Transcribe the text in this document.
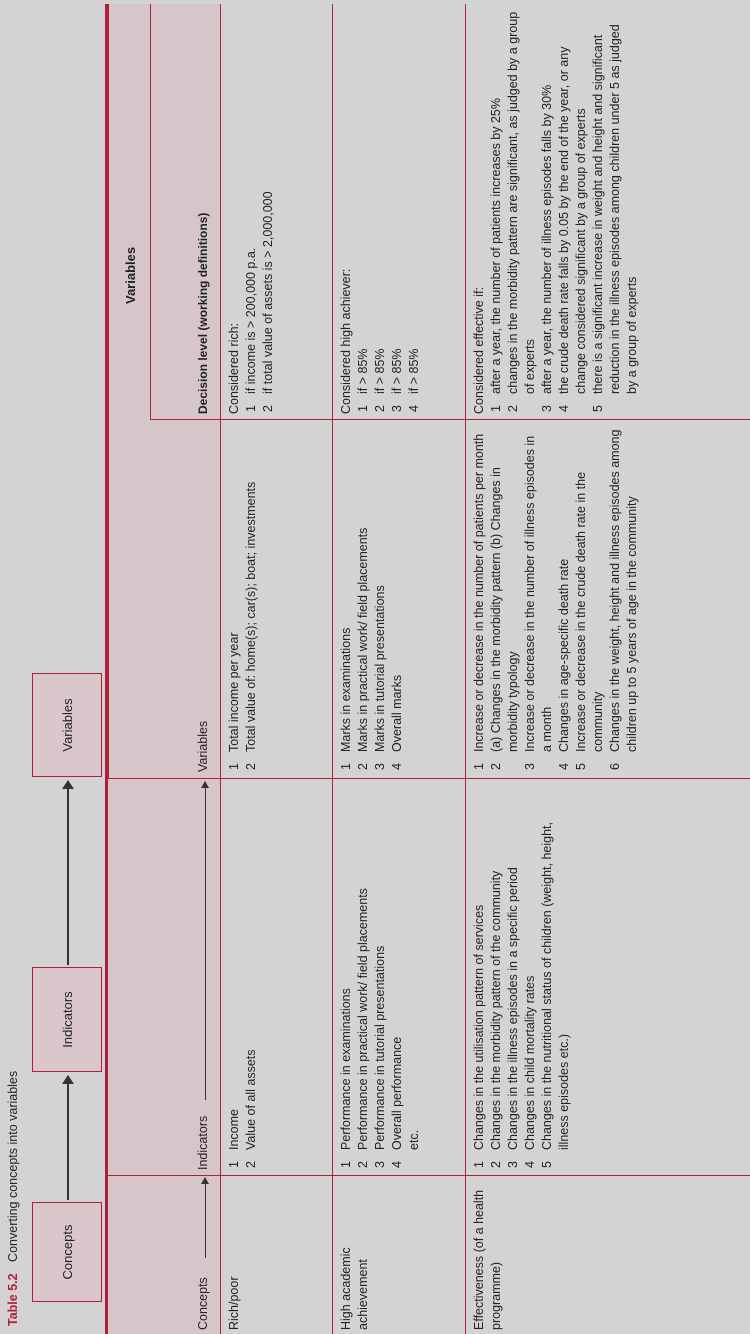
Table 5.2 Converting concepts into variables	Concepts
Indicators
Variables
Variables
Concepts
Indicators
Variables
Decision level (working definitions)
Rich/poor
1
Income
2
Value of all assets
1
Total income per year
2
Total value of: home(s); car(s); boat; investments
Considered rich: 1
if income is > 200,000 p.a.
2
if total value of assets is > 2,000,000
High academic achievement
1
Performance in examinations
2
Performance in practical work/ field placements
3
Performance in tutorial presentations
4
Overall performance etc.
1
Marks in examinations
2
Marks in practical work/ field placements
3
Marks in tutorial presentations
4
Overall marks
Considered high achiever: 1
if > 85%
2
if > 85%
3
if > 85%
4
if > 85%
Effectiveness (of a health programme)
1
Changes in the utilisation pattern of services
2
Changes in the morbidity pattern of the community
3
Changes in the illness episodes in a specific period
4
Changes in child mortality rates
5
Changes in the nutritional status of children (weight, height, illness episodes etc.)
1
Increase or decrease in the number of patients per month
2
(a) Changes in the morbidity pattern (b) Changes in morbidity typology
3
Increase or decrease in the number of illness episodes in a month
4
Changes in age-specific death rate
5
Increase or decrease in the crude death rate in the community
6
Changes in the weight, height and illness episodes among children up to 5 years of age in the community
Considered effective if: 1
after a year, the number of patients increases by 25%
2
changes in the morbidity pattern are significant, as judged by a group of experts
3
after a year, the number of illness episodes falls by 30%
4
the crude death rate falls by 0.05 by the end of the year, or any change considered significant by a group of experts
5
there is a significant increase in weight and height and significant reduction in the illness episodes among children under 5 as judged by a group of experts
